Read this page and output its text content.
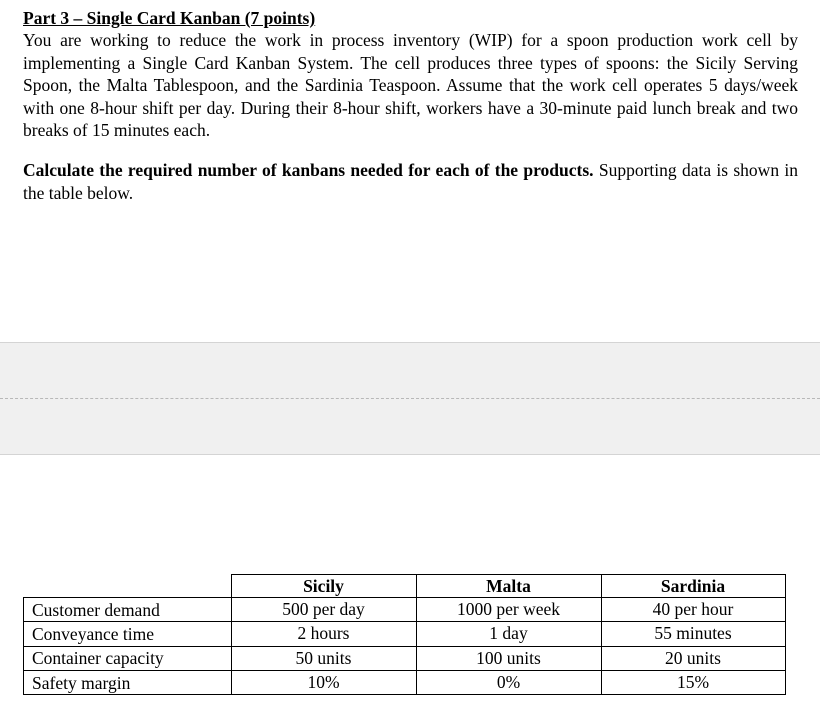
Part 3 – Single Card Kanban (7 points)

You are working to reduce the work in process inventory (WIP) for a spoon production work cell by implementing a Single Card Kanban System. The cell produces three types of spoons: the Sicily Serving Spoon, the Malta Tablespoon, and the Sardinia Teaspoon. Assume that the work cell operates 5 days/week with one 8-hour shift per day. During their 8-hour shift, workers have a 30-minute paid lunch break and two breaks of 15 minutes each.

Calculate the required number of kanbans needed for each of the products. Supporting data is shown in the table below.

	Sicily	Malta	Sardinia
Customer demand	500 per day	1000 per week	40 per hour
Conveyance time	2 hours	1 day	55 minutes
Container capacity	50 units	100 units	20 units
Safety margin	10%	0%	15%
